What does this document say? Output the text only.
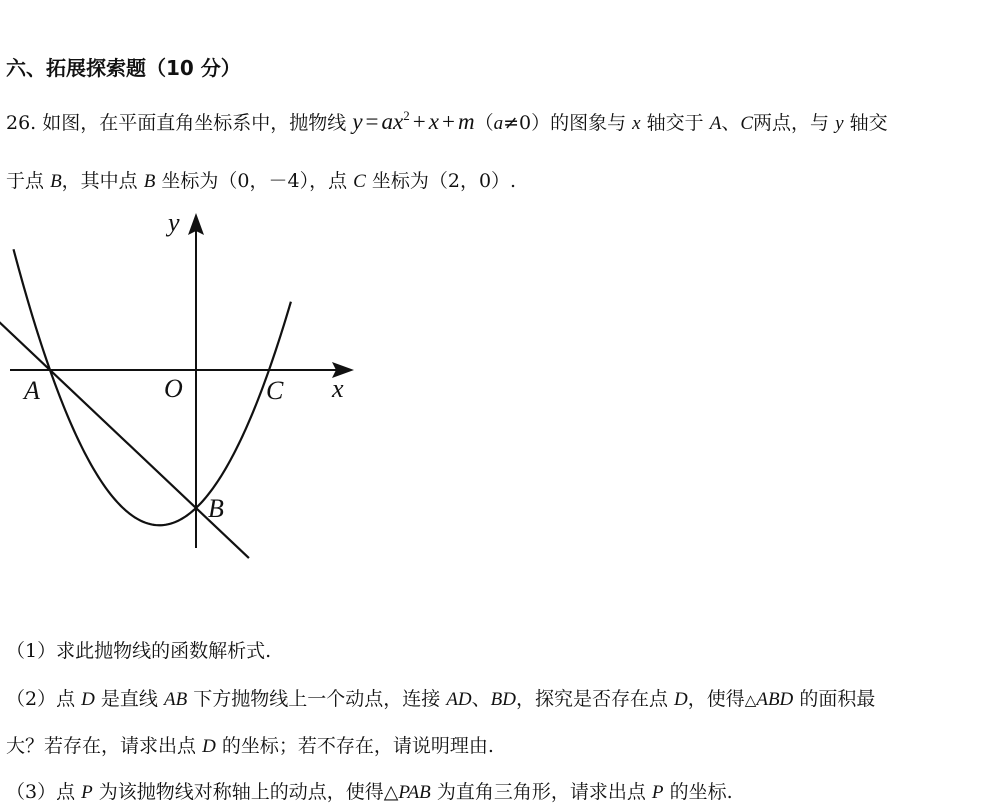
六、拓展探索题（10 分）
26. 如图，在平面直角坐标系中，抛物线 $y = ax^2 + x + m(a\ne 0)$的图象与 x 轴交于 A、C两点，与 y 轴交
于点 B，其中点 B 坐标为（0，－4），点 C 坐标为（2，0）.
y
x
O
A	C
B
（1）求此抛物线的函数解析式.
（2）点 D 是直线 AB 下方抛物线上一个动点，连接 AD、BD，探究是否存在点 D，使得△ABD 的面积最
大？若存在，请求出点 D 的坐标；若不存在，请说明理由.
（3）点 P 为该抛物线对称轴上的动点，使得△PAB 为直角三角形，请求出点 P 的坐标.
